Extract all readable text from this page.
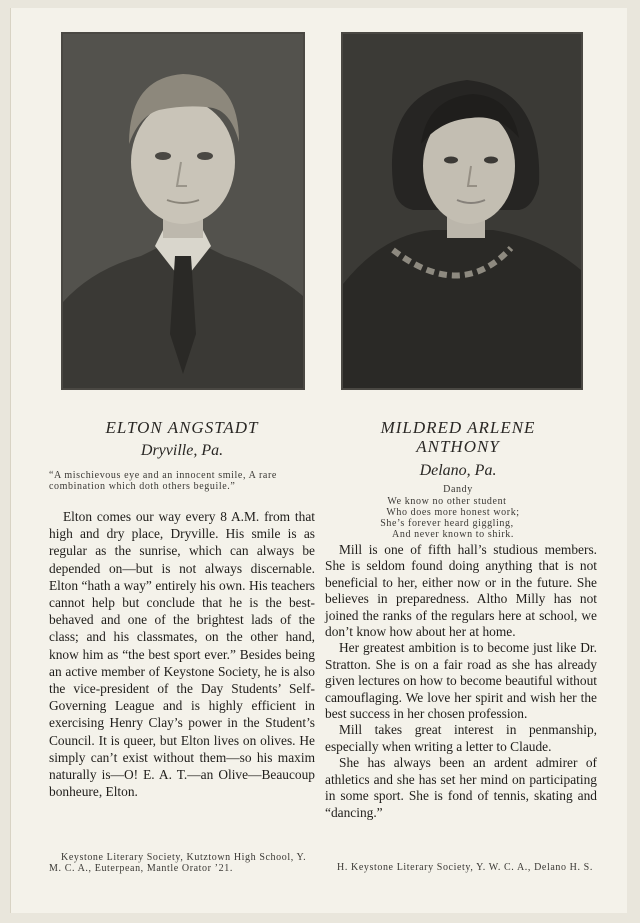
ELTON ANGSTADT
Dryville, Pa.
“A mischievous eye and an innocent smile, A rare combination which doth others beguile.”

Elton comes our way every 8 A.M. from that high and dry place, Dryville. His smile is as regular as the sunrise, which can always be depended on—but is not always discernable. Elton “hath a way” entirely his own. His teachers cannot help but conclude that he is the best-behaved and one of the brightest lads of the class; and his classmates, on the other hand, know him as “the best sport ever.” Besides being an active member of Keystone Society, he is also the vice-president of the Day Students’ Self-Governing League and is highly efficient in exercising Henry Clay’s power in the Student’s Council. It is queer, but Elton lives on olives. He simply can’t exist without them—so his maxim naturally is—O! E. A. T.—an Olive—Beaucoup bonheure, Elton.

Keystone Literary Society, Kutztown High School, Y. M. C. A., Euterpean, Mantle Orator ’21.
MILDRED ARLENE
ANTHONY
Delano, Pa.
Dandy
We know no other student
Who does more honest work;
She’s forever heard giggling,
And never known to shirk.

Mill is one of fifth hall’s studious members. She is seldom found doing anything that is not beneficial to her, either now or in the future. She believes in preparedness. Altho Milly has not joined the ranks of the regulars here at school, we don’t know how about her at home.

Her greatest ambition is to become just like Dr. Stratton. She is on a fair road as she has already given lectures on how to become beautiful without camouflaging. We love her spirit and wish her the best success in her chosen profession.

Mill takes great interest in penmanship, especially when writing a letter to Claude.

She has always been an ardent admirer of athletics and she has set her mind on participating in some sport. She is fond of tennis, skating and “dancing.”

H. Keystone Literary Society, Y. W. C. A., Delano H. S.
